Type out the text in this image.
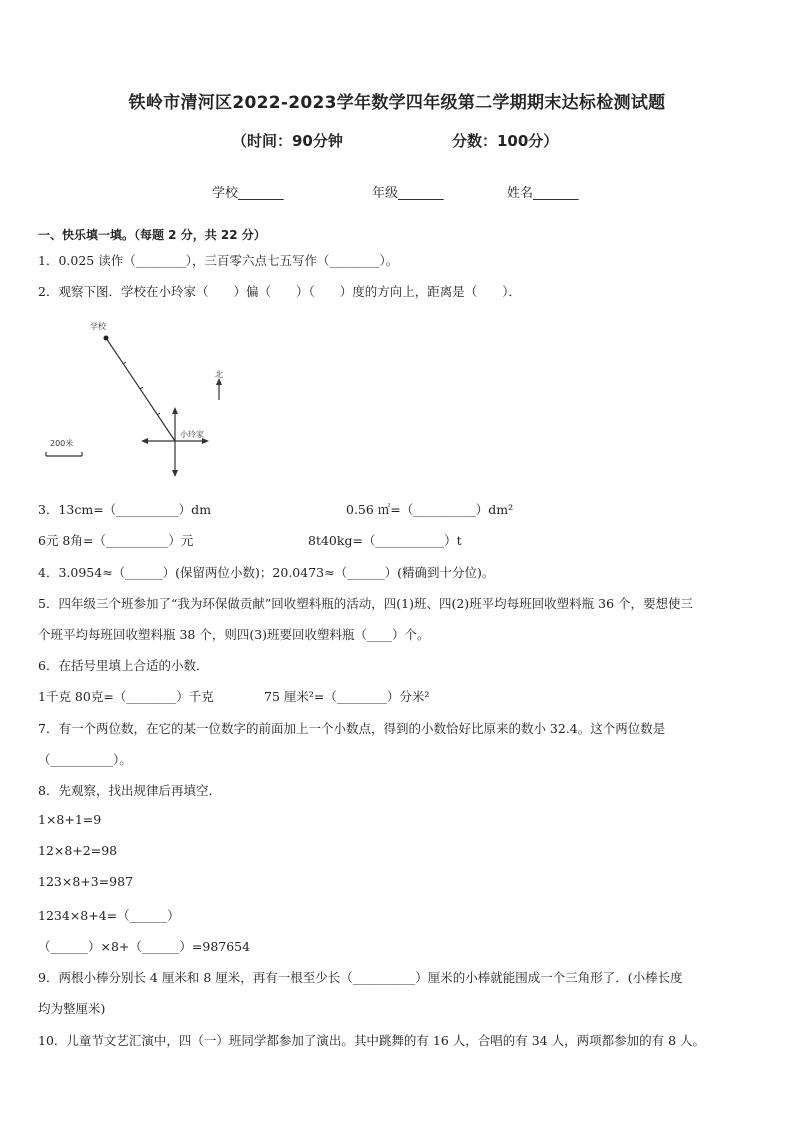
铁岭市清河区2022-2023学年数学四年级第二学期期末达标检测试题
（时间：90分钟	分数：100分）
学校_______	年级_______	姓名_______
一、快乐填一填。（每题 2 分，共 22 分）
1．0.025 读作（________），三百零六点七五写作（________）。
2．观察下图．学校在小玲家（　　）偏（　　）（　　）度的方向上，距离是（　　）．
学校
小玲家
北
200米
3．13cm=（__________）dm	0.56 ㎡=（__________）dm²
6元 8角=（__________）元	8t40kg=（___________）t
4．3.0954≈（______）(保留两位小数)；20.0473≈（______）(精确到十分位)。
5．四年级三个班参加了“我为环保做贡献”回收塑料瓶的活动，四(1)班、四(2)班平均每班回收塑料瓶 36 个，要想使三
个班平均每班回收塑料瓶 38 个，则四(3)班要回收塑料瓶（____）个。
6．在括号里填上合适的小数．
1千克 80克=（________）千克	75 厘米²=（________）分米²
7．有一个两位数，在它的某一位数字的前面加上一个小数点，得到的小数恰好比原来的数小 32.4。这个两位数是
（__________）。
8．先观察，找出规律后再填空．
1×8+1=9
12×8+2=98
123×8+3=987
1234×8+4=（______）
（______）×8+（______）=987654
9．两根小棒分别长 4 厘米和 8 厘米，再有一根至少长（__________）厘米的小棒就能围成一个三角形了．(小棒长度
均为整厘米)
10．儿童节文艺汇演中，四（一）班同学都参加了演出。其中跳舞的有 16 人，合唱的有 34 人，两项都参加的有 8 人。
